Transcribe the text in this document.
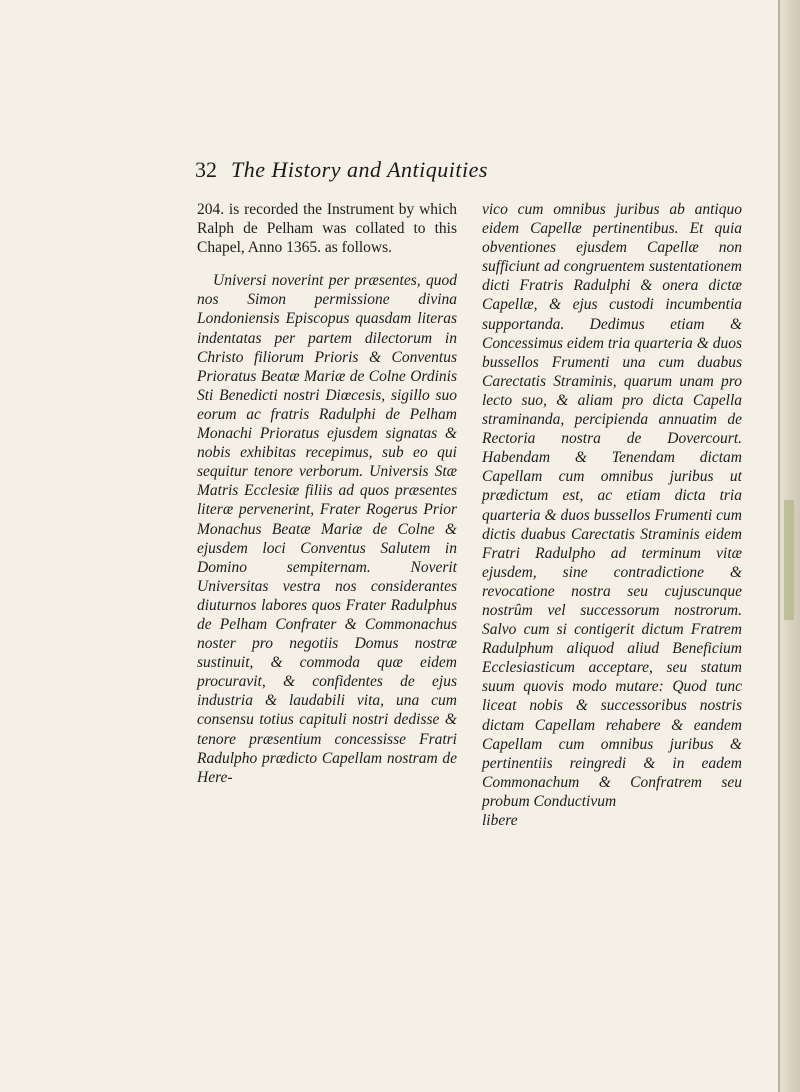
32 The History and Antiquities

204. is recorded the Instrument by which Ralph de Pelham was collated to this Chapel, Anno 1365. as follows.

Universi noverint per præsentes, quod nos Simon permissione divina Londoniensis Episcopus quasdam literas indentatas per partem dilectorum in Christo filiorum Prioris & Conventus Prioratus Beatæ Mariæ de Colne Ordinis Sti Benedicti nostri Diœcesis, sigillo suo eorum ac fratris Radulphi de Pelham Monachi Prioratus ejusdem signatas & nobis exhibitas recepimus, sub eo qui sequitur tenore verborum. Universis Stæ Matris Ecclesiæ filiis ad quos præsentes literæ pervenerint, Frater Rogerus Prior Monachus Beatæ Mariæ de Colne & ejusdem loci Conventus Salutem in Domino sempiternam. Noverit Universitas vestra nos considerantes diuturnos labores quos Frater Radulphus de Pelham Confrater & Commonachus noster pro negotiis Domus nostræ sustinuit, & commoda quæ eidem procuravit, & confidentes de ejus industria & laudabili vita, una cum consensu totius capituli nostri dedisse & tenore præsentium concessisse Fratri Radulpho prædicto Capellam nostram de Here-

vico cum omnibus juribus ab antiquo eidem Capellæ pertinentibus. Et quia obventiones ejusdem Capellæ non sufficiunt ad congruentem sustentationem dicti Fratris Radulphi & onera dictæ Capellæ, & ejus custodi incumbentia supportanda. Dedimus etiam & Concessimus eidem tria quarteria & duos bussellos Frumenti una cum duabus Carectatis Straminis, quarum unam pro lecto suo, & aliam pro dicta Capella straminanda, percipienda annuatim de Rectoria nostra de Dovercourt. Habendam & Tenendam dictam Capellam cum omnibus juribus ut prædictum est, ac etiam dicta tria quarteria & duos bussellos Frumenti cum dictis duabus Carectatis Straminis eidem Fratri Radulpho ad terminum vitæ ejusdem, sine contradictione & revocatione nostra seu cujuscunque nostrûm vel successorum nostrorum. Salvo cum si contigerit dictum Fratrem Radulphum aliquod aliud Beneficium Ecclesiasticum acceptare, seu statum suum quovis modo mutare: Quod tunc liceat nobis & successoribus nostris dictam Capellam rehabere & eandem Capellam cum omnibus juribus & pertinentiis reingredi & in eadem Commonachum & Confratrem seu probum Conductivum

libere
